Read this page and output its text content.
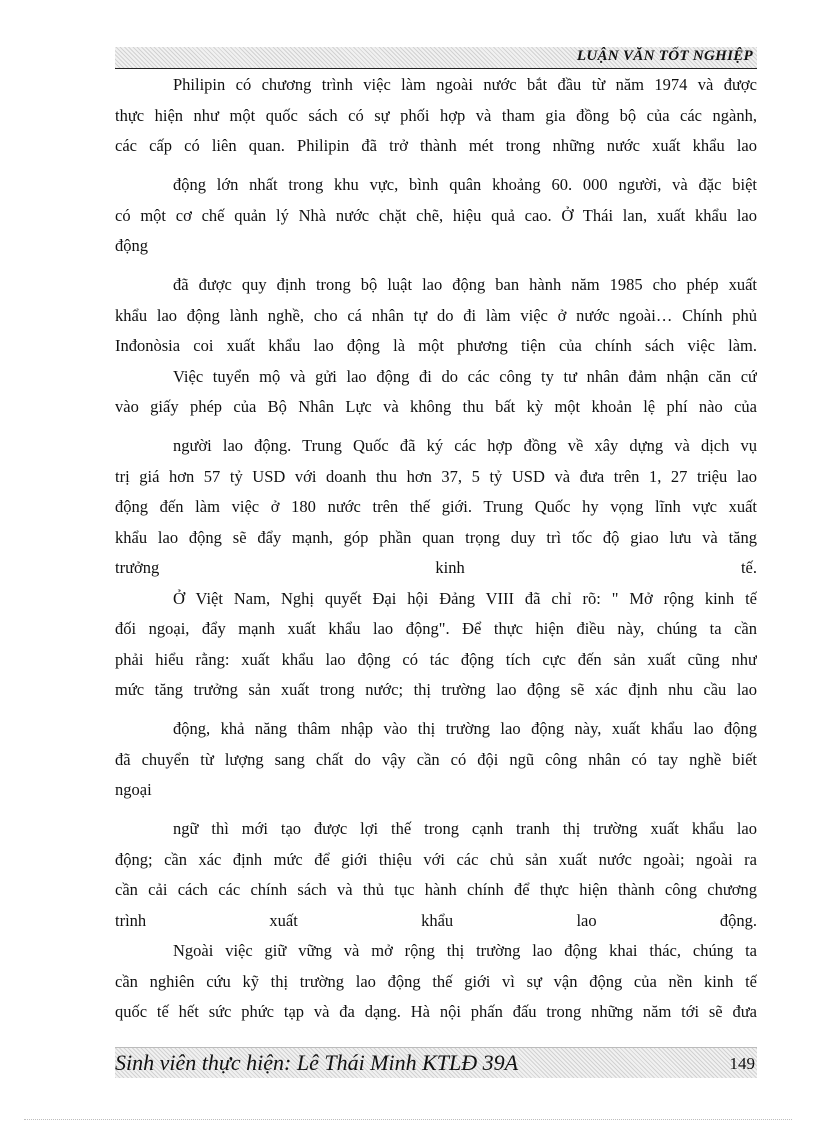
LUẬN VĂN TỐT NGHIỆP
Philipin có chương trình việc làm ngoài nước bắt đầu từ năm 1974 và được
thực hiện như một quốc sách có sự phối hợp và tham gia đồng bộ của các ngành,
các cấp có liên quan. Philipin đã trở thành mét trong những nước xuất khẩu lao
động lớn nhất trong khu vực, bình quân khoảng 60. 000 người, và đặc biệt
có một cơ chế quản lý Nhà nước chặt chẽ, hiệu quả cao. Ở Thái lan, xuất khẩu lao
động
đã được quy định trong bộ luật lao động ban hành năm 1985 cho phép xuất
khẩu lao động lành nghề, cho cá nhân tự do đi làm việc ở nước ngoài… Chính phủ
Inđonòsia coi xuất khẩu lao động là một phương tiện của chính sách việc làm.
Việc tuyển mộ và gửi lao động đi do các công ty tư nhân đảm nhận căn cứ
vào giấy phép của Bộ Nhân Lực và không thu bất kỳ một khoản lệ phí nào của
người lao động. Trung Quốc đã ký các hợp đồng về xây dựng và dịch vụ
trị giá hơn 57 tỷ USD với doanh thu hơn 37, 5 tỷ USD và đưa trên 1, 27 triệu lao
động đến làm việc ở 180 nước trên thế giới. Trung Quốc hy vọng lĩnh vực xuất
khẩu lao động sẽ đẩy mạnh, góp phần quan trọng duy trì tốc độ giao lưu và tăng
trưởng kinh tế.
Ở Việt Nam, Nghị quyết Đại hội Đảng VIII đã chỉ rõ: " Mở rộng kinh tế
đối ngoại, đẩy mạnh xuất khẩu lao động". Để thực hiện điều này, chúng ta cần
phải hiểu rằng: xuất khẩu lao động có tác động tích cực đến sản xuất cũng như
mức tăng trưởng sản xuất trong nước; thị trường lao động sẽ xác định nhu cầu lao
động, khả năng thâm nhập vào thị trường lao động này, xuất khẩu lao động
đã chuyển từ lượng sang chất do vậy cần có đội ngũ công nhân có tay nghề biết
ngoại
ngữ thì mới tạo được lợi thế trong cạnh tranh thị trường xuất khẩu lao
động; cần xác định mức để giới thiệu với các chủ sản xuất nước ngoài; ngoài ra
cần cải cách các chính sách và thủ tục hành chính để thực hiện thành công chương
trình xuất khẩu lao động.
Ngoài việc giữ vững và mở rộng thị trường lao động khai thác, chúng ta
cần nghiên cứu kỹ thị trường lao động thế giới vì sự vận động của nền kinh tế
quốc tế hết sức phức tạp và đa dạng. Hà nội phấn đấu trong những năm tới sẽ đưa
Sinh viên thực hiện: Lê Thái Minh KTLĐ 39A	149
